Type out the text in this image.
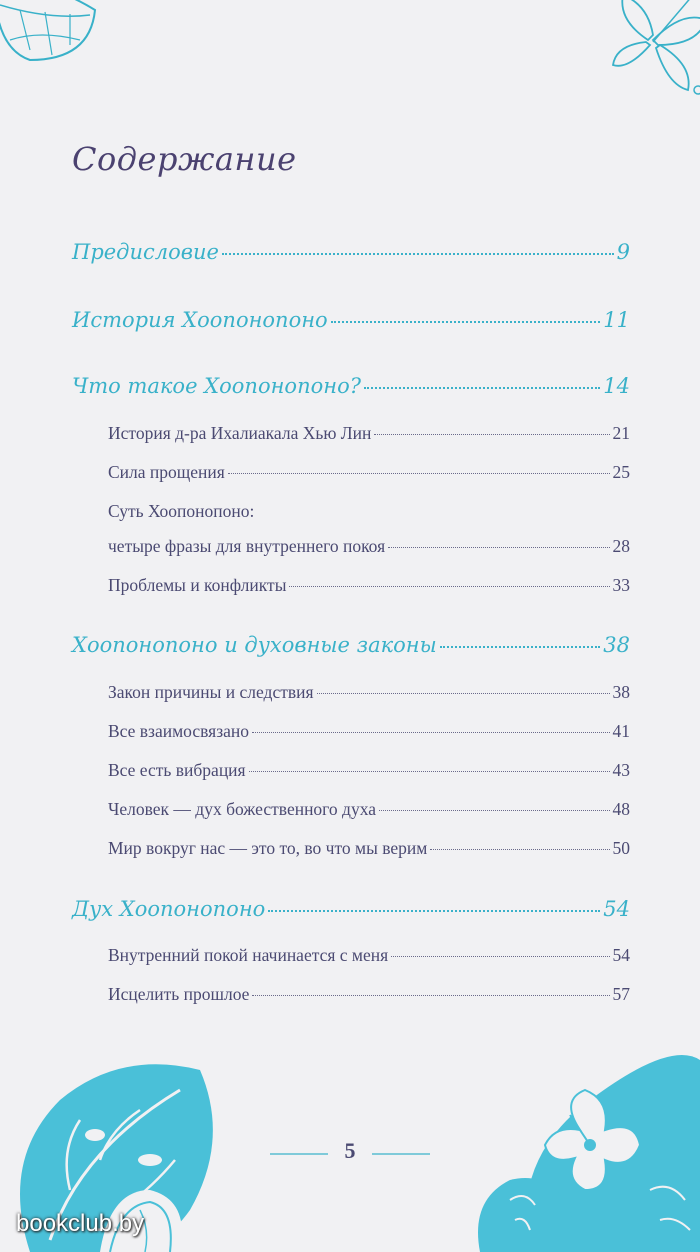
Содержание
Предисловие	9
История Хоопонопоно	11
Что такое Хоопонопоно?	14
История д-ра Ихалиакала Хью Лин	21
Сила прощения	25
Суть Хоопонопоно:
четыре фразы для внутреннего покоя	28
Проблемы и конфликты	33
Хоопонопоно и духовные законы	38
Закон причины и следствия	38
Все взаимосвязано	41
Все есть вибрация	43
Человек — дух божественного духа	48
Мир вокруг нас — это то, во что мы верим	50
Дух Хоопонопоно	54
Внутренний покой начинается с меня	54
Исцелить прошлое	57
5
bookclub.by
